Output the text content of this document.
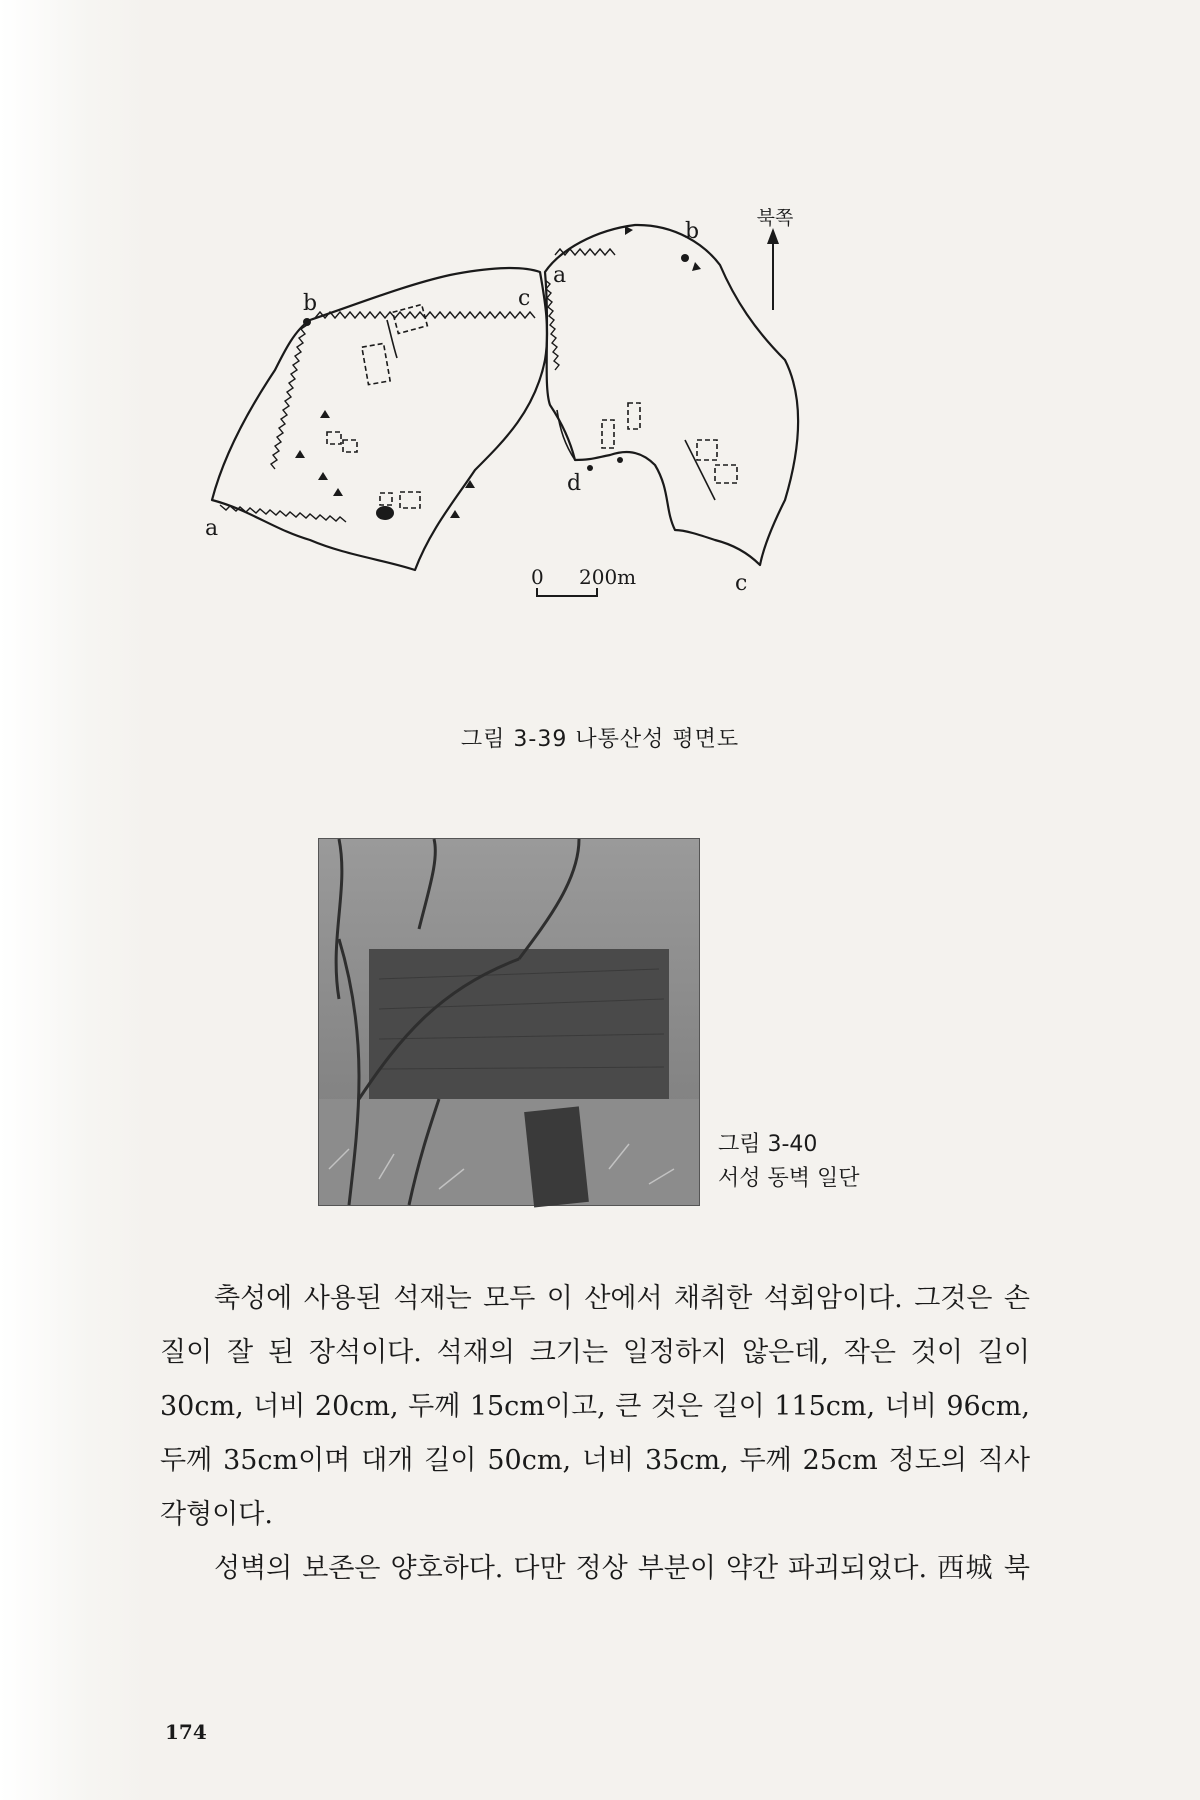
북쪽
b
a
c
a
b
c
d
0 200m
그림 3-39 나통산성 평면도
그림 3-40
서성 동벽 일단

축성에 사용된 석재는 모두 이 산에서 채취한 석회암이다. 그것은 손질이 잘 된 장석이다. 석재의 크기는 일정하지 않은데, 작은 것이 길이 30cm, 너비 20cm, 두께 15cm이고, 큰 것은 길이 115cm, 너비 96cm, 두께 35cm이며 대개 길이 50cm, 너비 35cm, 두께 25cm 정도의 직사각형이다.

성벽의 보존은 양호하다. 다만 정상 부분이 약간 파괴되었다. 西城 북

174
